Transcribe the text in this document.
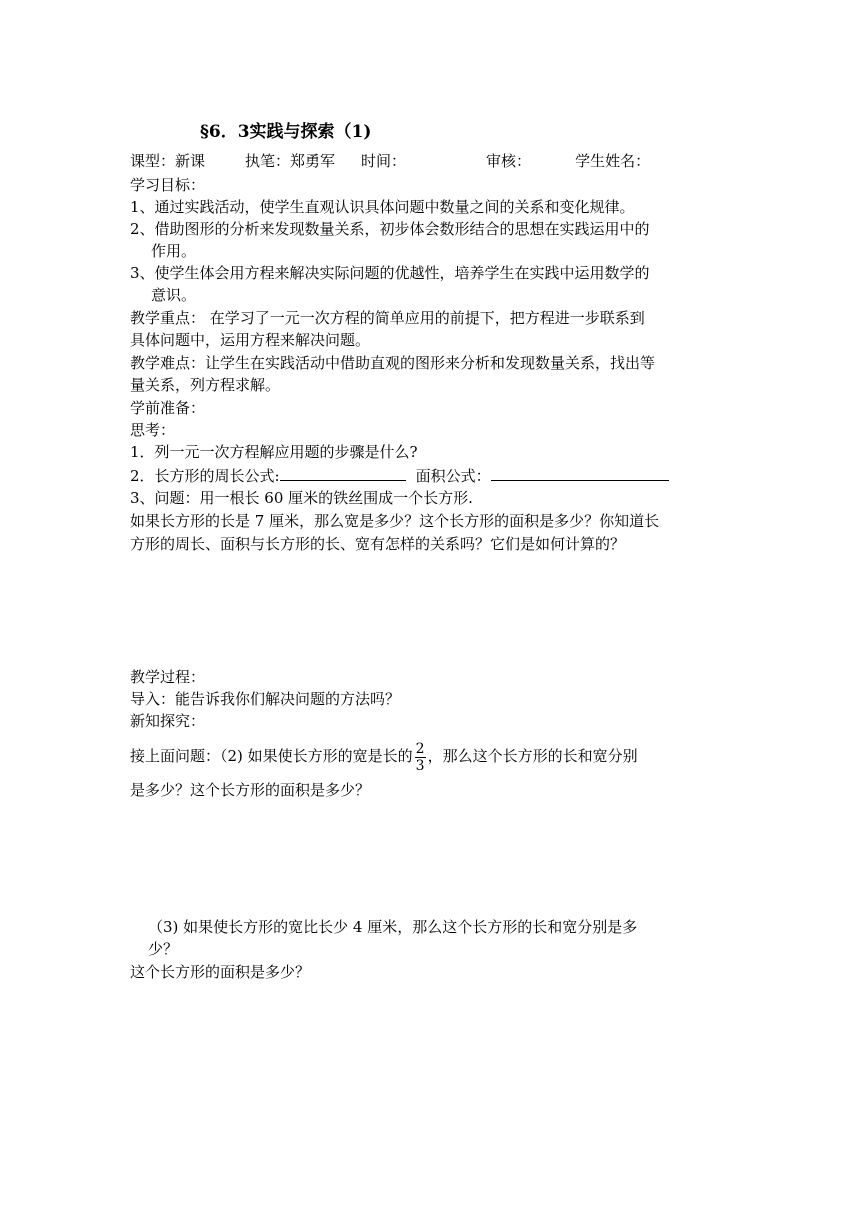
§6．3实践与探索（1)
课型：新课	执笔：郑勇军 时间：	审核：	学生姓名：
学习目标：
1、通过实践活动，使学生直观认识具体问题中数量之间的关系和变化规律。
2、借助图形的分析来发现数量关系，初步体会数形结合的思想在实践运用中的
作用。
3、使学生体会用方程来解决实际问题的优越性，培养学生在实践中运用数学的
意识。
教学重点： 在学习了一元一次方程的简单应用的前提下，把方程进一步联系到
具体问题中，运用方程来解决问题。
教学难点：让学生在实践活动中借助直观的图形来分析和发现数量关系，找出等
量关系，列方程求解。
学前准备：
思考：
1．列一元一次方程解应用题的步骤是什么?
2．长方形的周长公式:	面积公式：
3、问题：用一根长 60 厘米的铁丝围成一个长方形.
如果长方形的长是 7 厘米，那么宽是多少？这个长方形的面积是多少？你知道长
方形的周长、面积与长方形的长、宽有怎样的关系吗？它们是如何计算的？
教学过程：
导入：能告诉我你们解决问题的方法吗？
新知探究：
接上面问题：（2) 如果使长方形的宽是长的 $\frac{2}{3}$ ，那么这个长方形的长和宽分别
是多少？这个长方形的面积是多少？
（3) 如果使长方形的宽比长少 4 厘米，那么这个长方形的长和宽分别是多
少？
这个长方形的面积是多少？
